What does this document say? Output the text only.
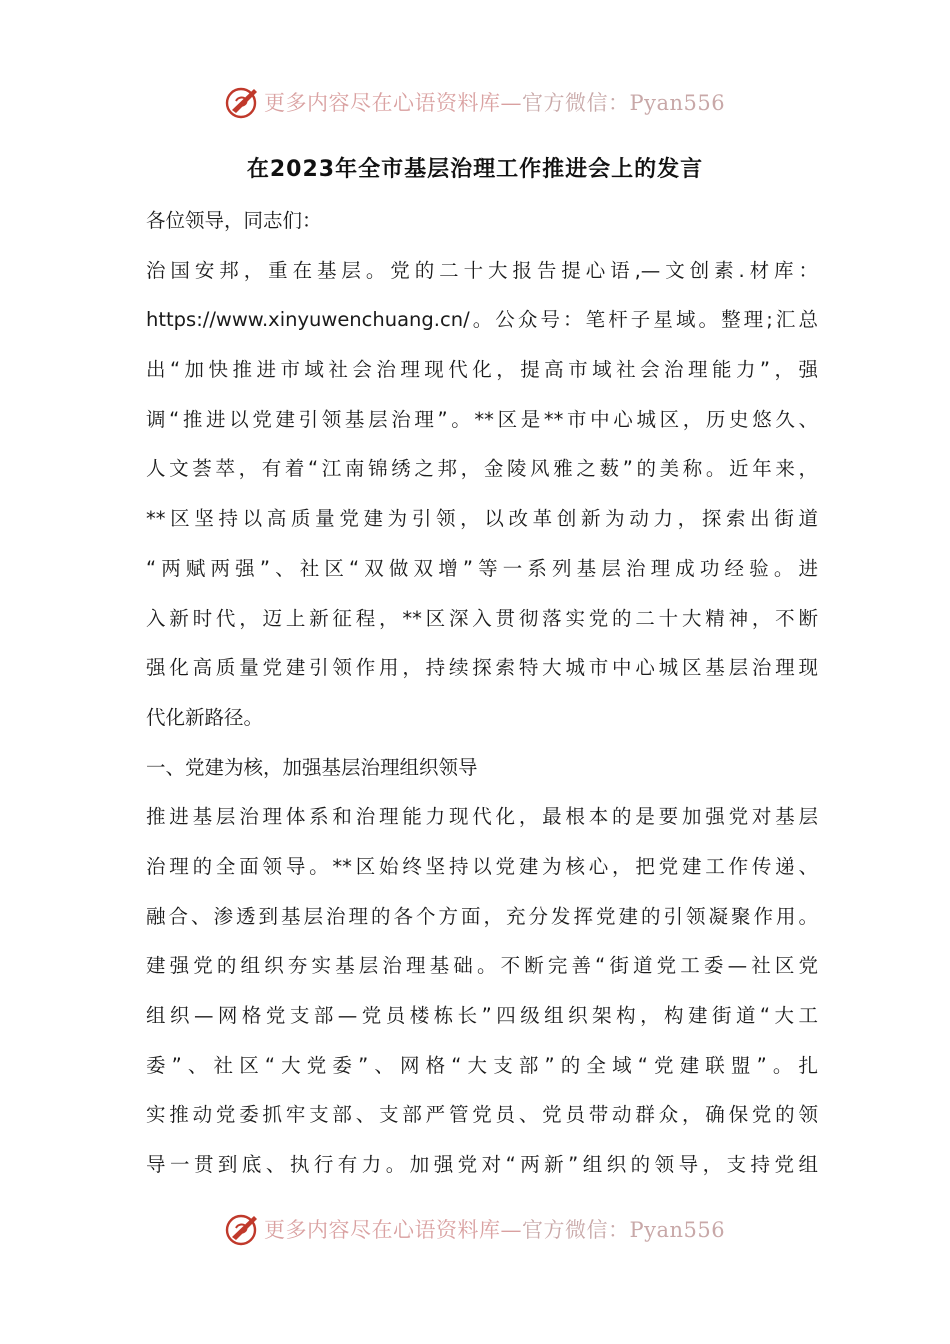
更多内容尽在心语资料库—官方微信：Pyan556
在2023年全市基层治理工作推进会上的发言
各位领导，同志们：
治国安邦，重在基层。党的二十大报告提心语,—文创素.材库：
https://www.xinyuwenchuang.cn/。公众号：笔杆子星域。整理;汇总
出“加快推进市域社会治理现代化，提高市域社会治理能力”，强
调“推进以党建引领基层治理”。**区是**市中心城区，历史悠久、
人文荟萃，有着“江南锦绣之邦，金陵风雅之薮”的美称。近年来，
**区坚持以高质量党建为引领，以改革创新为动力，探索出街道
“两赋两强”、社区“双做双增”等一系列基层治理成功经验。进
入新时代，迈上新征程，**区深入贯彻落实党的二十大精神，不断
强化高质量党建引领作用，持续探索特大城市中心城区基层治理现
代化新路径。
一、党建为核，加强基层治理组织领导
推进基层治理体系和治理能力现代化，最根本的是要加强党对基层
治理的全面领导。**区始终坚持以党建为核心，把党建工作传递、
融合、渗透到基层治理的各个方面，充分发挥党建的引领凝聚作用。
建强党的组织夯实基层治理基础。不断完善“街道党工委—社区党
组织—网格党支部—党员楼栋长”四级组织架构，构建街道“大工
委”、社区“大党委”、网格“大支部”的全域“党建联盟”。扎
实推动党委抓牢支部、支部严管党员、党员带动群众，确保党的领
导一贯到底、执行有力。加强党对“两新”组织的领导，支持党组
更多内容尽在心语资料库—官方微信：Pyan556
